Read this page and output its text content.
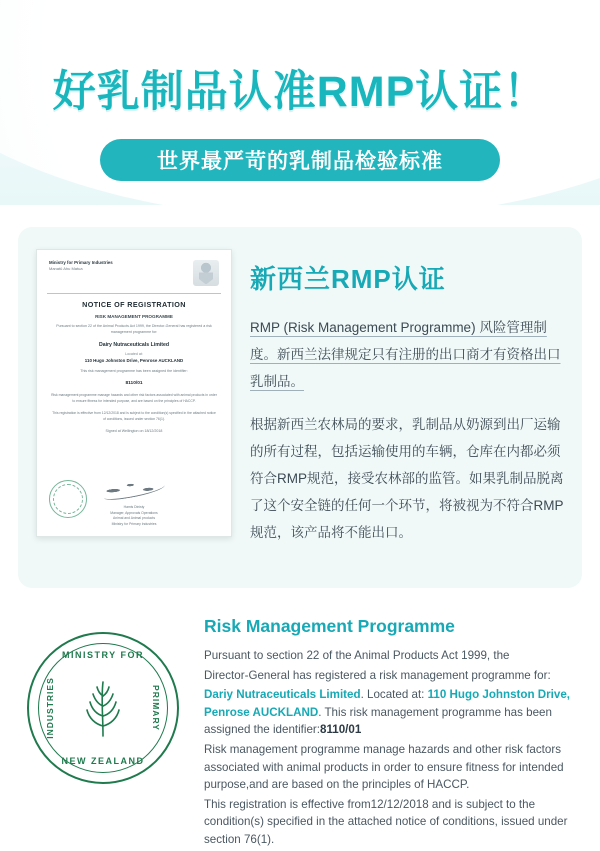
好乳制品认准RMP认证！
世界最严苛的乳制品检验标准
Ministry for Primary Industries
Manatū Ahu Matua
NOTICE OF REGISTRATION
RISK MANAGEMENT PROGRAMME
Pursuant to section 22 of the Animal Products Act 1999, the Director-General has registered a risk management programme for:
Dairy Nutraceuticals Limited
Located at:
110 Hugo Johnston Drive, Penrose AUCKLAND
This risk management programme has been assigned the identifier:
8110/01
Risk management programme manage hazards and other risk factors associated with animal products in order to ensure fitness for intended purpose, and are based on the principles of HACCP.
This registration is effective from 12/12/2018 and is subject to the condition(s) specified in the attached notice of conditions, issued under section 76(1).
Signed at Wellington on 18/12/2018
Hamis Dinisty
Manager, Approvals Operations
Animal and Animal products
Ministry for Primary Industries
新西兰RMP认证

RMP (Risk Management Programme) 风险管理制度。新西兰法律规定只有注册的出口商才有资格出口乳制品。

根据新西兰农林局的要求，乳制品从奶源到出厂运输的所有过程，包括运输使用的车辆，仓库在内都必须符合RMP规范，接受农林部的监管。如果乳制品脱离了这个安全链的任何一个环节，将被视为不符合RMP规范，该产品将不能出口。

MINISTRY FOR
PRIMARY
INDUSTRIES
NEW ZEALAND
Risk Management Programme

Pursuant to section 22 of the Animal Products Act 1999, the

Director-General has registered a risk management programme for:

Dariy Nutraceuticals Limited. Located at: 110 Hugo Johnston Drive, Penrose AUCKLAND. This risk management programme has been assigned the identifier:8110/01

Risk management programme manage hazards and other risk factors associated with animal products in order to ensure fitness for intended purpose,and are based on the principles of HACCP.

This registration is effective from12/12/2018 and is subject to the condition(s) specified in the attached notice of conditions, issued under section 76(1).
